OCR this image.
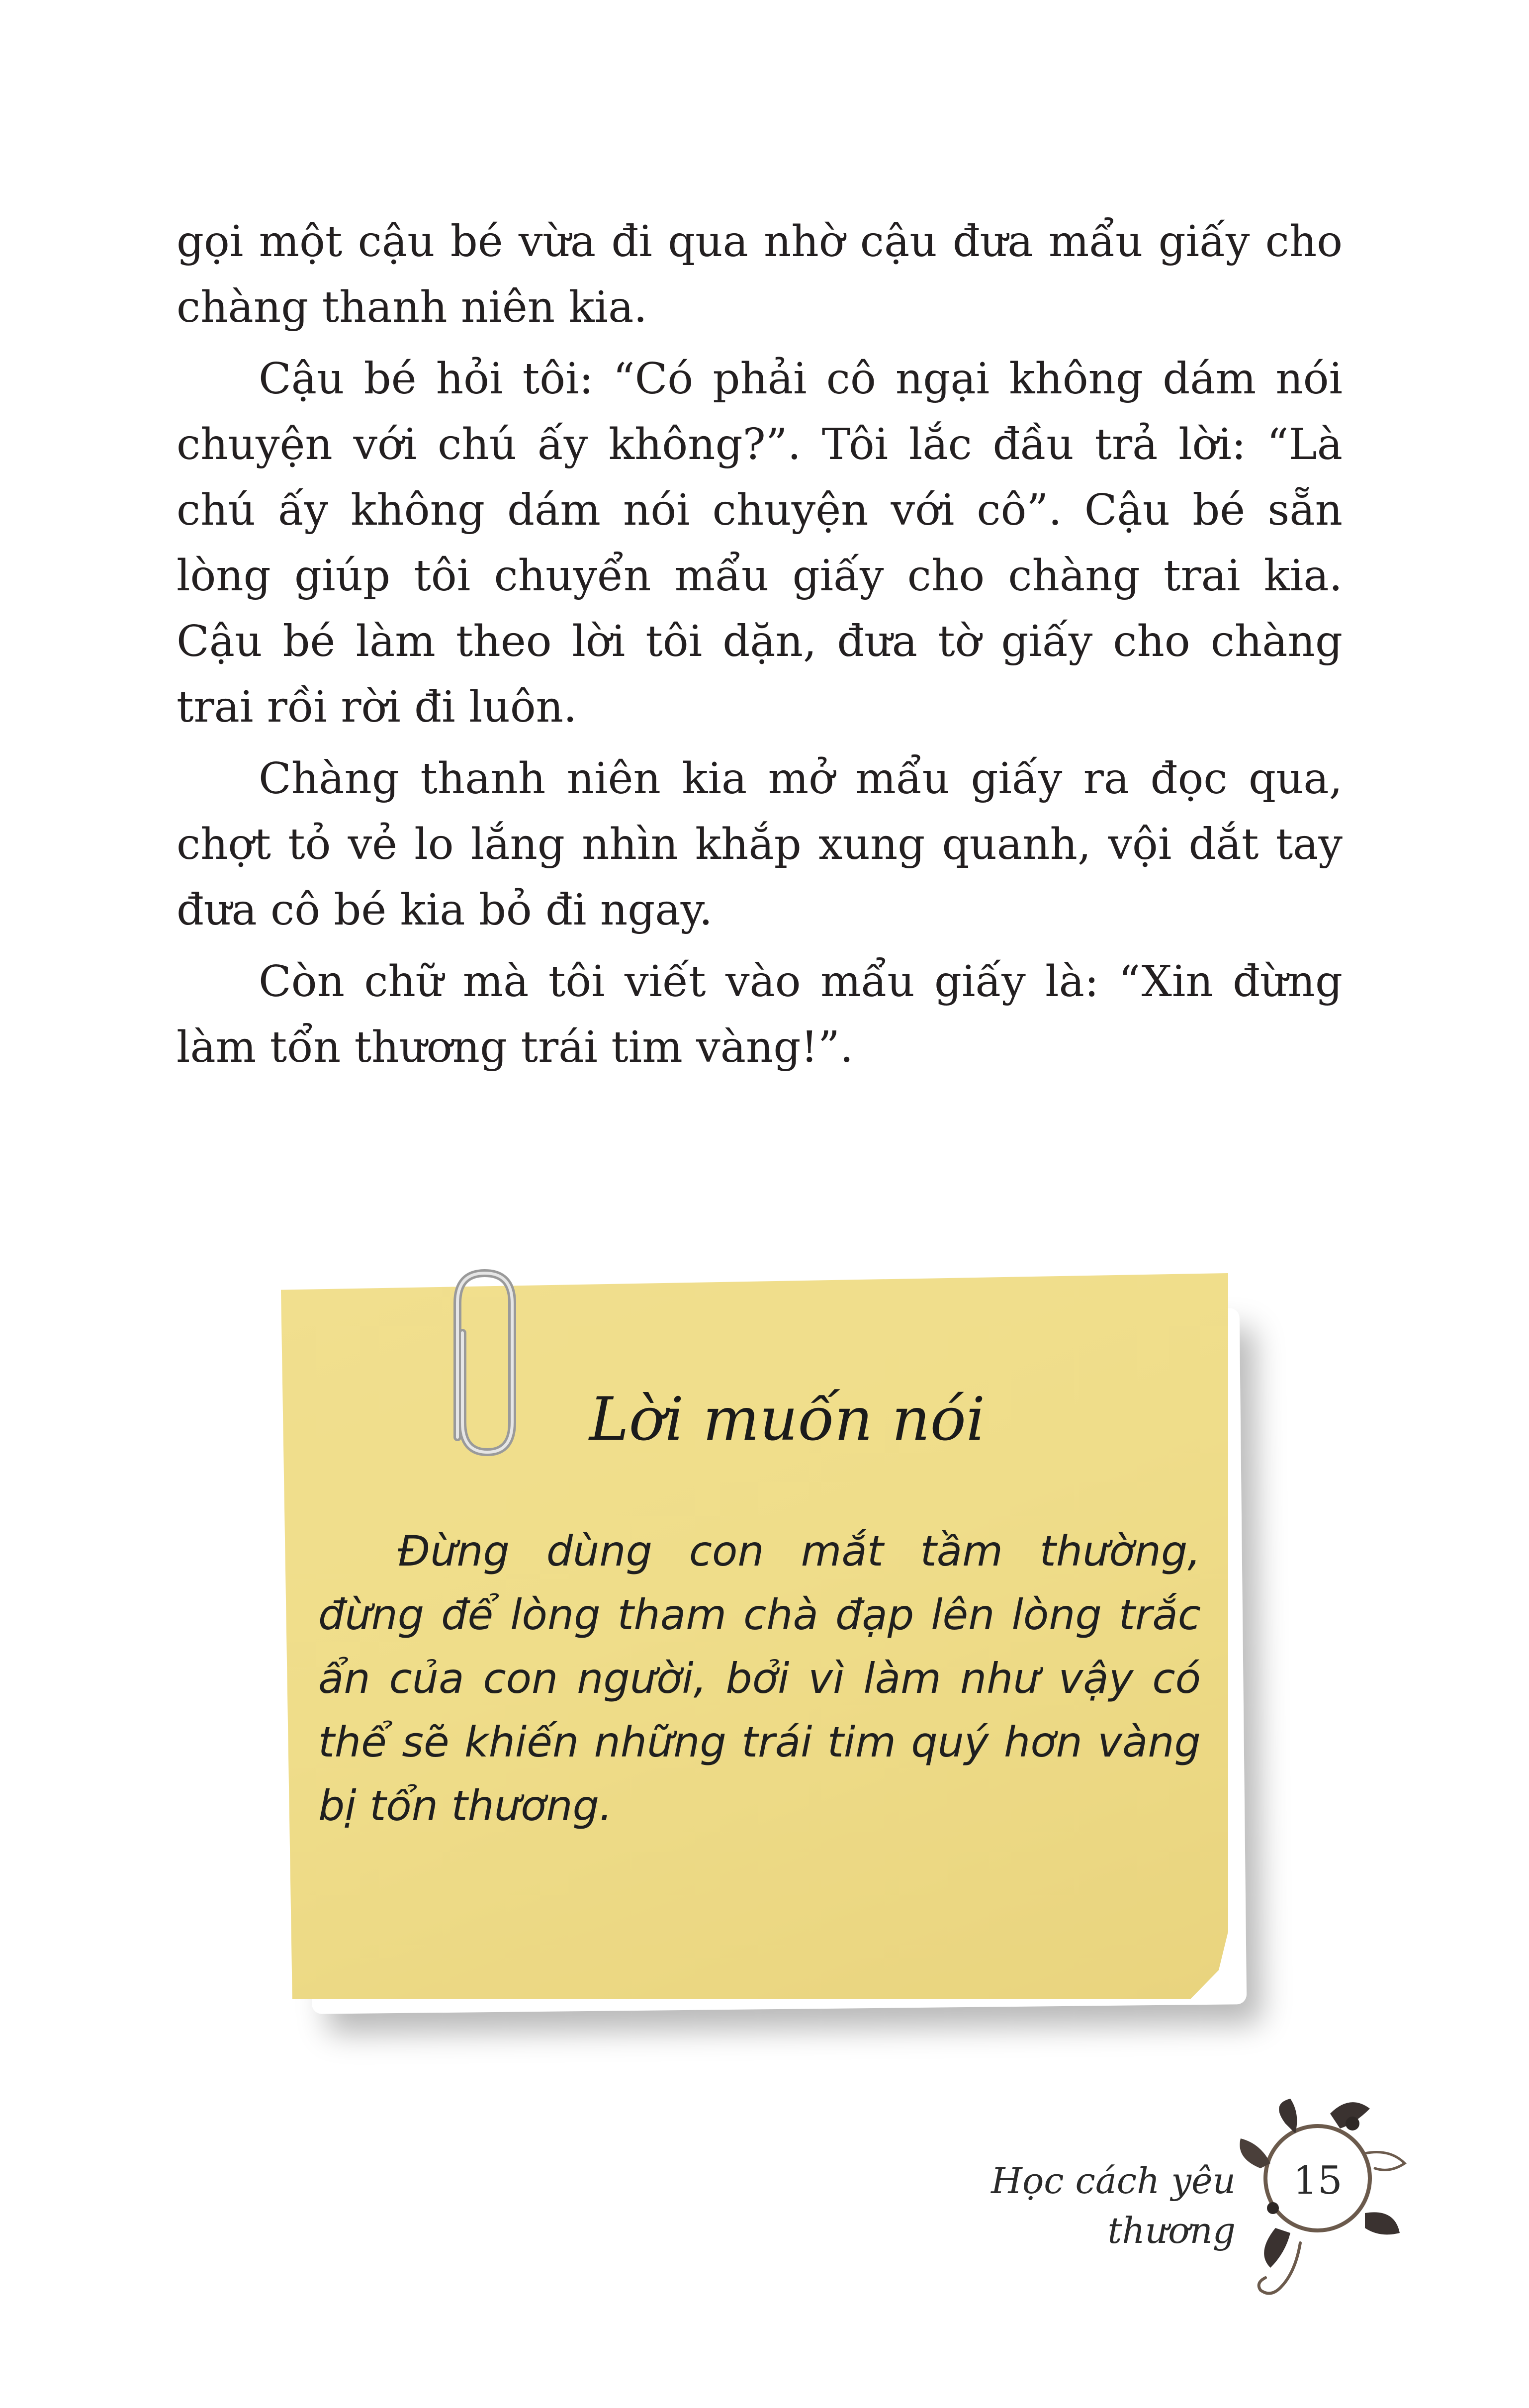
gọi một cậu bé vừa đi qua nhờ cậu đưa mẩu giấy cho chàng thanh niên kia.

Cậu bé hỏi tôi: “Có phải cô ngại không dám nói chuyện với chú ấy không?”. Tôi lắc đầu trả lời: “Là chú ấy không dám nói chuyện với cô”. Cậu bé sẵn lòng giúp tôi chuyển mẩu giấy cho chàng trai kia. Cậu bé làm theo lời tôi dặn, đưa tờ giấy cho chàng trai rồi rời đi luôn.

Chàng thanh niên kia mở mẩu giấy ra đọc qua, chợt tỏ vẻ lo lắng nhìn khắp xung quanh, vội dắt tay đưa cô bé kia bỏ đi ngay.

Còn chữ mà tôi viết vào mẩu giấy là: “Xin đừng làm tổn thương trái tim vàng!”.

Lời muốn nói

Đừng dùng con mắt tầm thường, đừng để lòng tham chà đạp lên lòng trắc ẩn của con người, bởi vì làm như vậy có thể sẽ khiến những trái tim quý hơn vàng bị tổn thương.

Học cách yêu thương
15
